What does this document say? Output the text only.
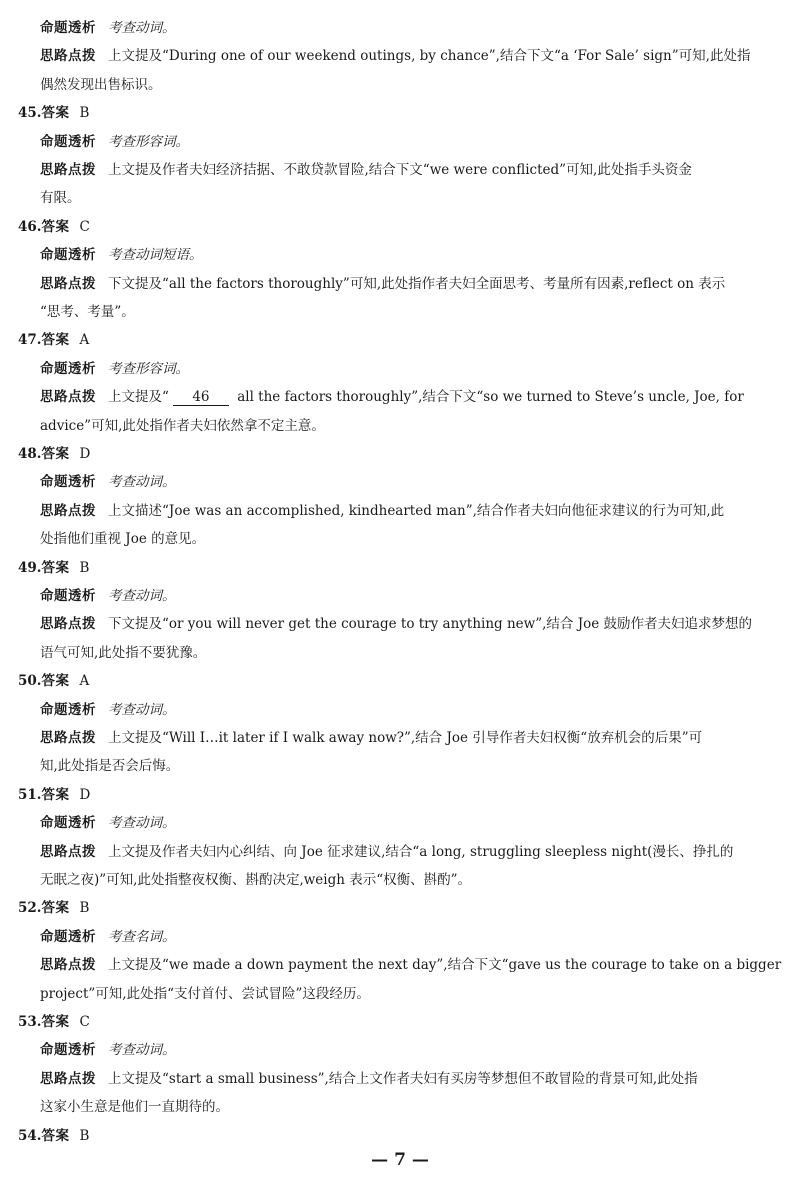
命题透析 考查动词。
思路点拨 上文提及“During one of our weekend outings, by chance”,结合下文“a ‘For Sale’ sign”可知,此处指
偶然发现出售标识。
45.答案 B
命题透析 考查形容词。
思路点拨 上文提及作者夫妇经济拮据、不敢贷款冒险,结合下文“we were conflicted”可知,此处指手头资金
有限。
46.答案 C
命题透析 考查动词短语。
思路点拨 下文提及“all the factors thoroughly”可知,此处指作者夫妇全面思考、考量所有因素,reflect on 表示
“思考、考量”。
47.答案 A
命题透析 考查形容词。
思路点拨 上文提及“ 46 all the factors thoroughly”,结合下文“so we turned to Steve’s uncle, Joe, for
advice”可知,此处指作者夫妇依然拿不定主意。
48.答案 D
命题透析 考查动词。
思路点拨 上文描述“Joe was an accomplished, kindhearted man”,结合作者夫妇向他征求建议的行为可知,此
处指他们重视 Joe 的意见。
49.答案 B
命题透析 考查动词。
思路点拨 下文提及“or you will never get the courage to try anything new”,结合 Joe 鼓励作者夫妇追求梦想的
语气可知,此处指不要犹豫。
50.答案 A
命题透析 考查动词。
思路点拨 上文提及“Will I…it later if I walk away now?”,结合 Joe 引导作者夫妇权衡“放弃机会的后果”可
知,此处指是否会后悔。
51.答案 D
命题透析 考查动词。
思路点拨 上文提及作者夫妇内心纠结、向 Joe 征求建议,结合“a long, struggling sleepless night(漫长、挣扎的
无眠之夜)”可知,此处指整夜权衡、斟酌决定,weigh 表示“权衡、斟酌”。
52.答案 B
命题透析 考查名词。
思路点拨 上文提及“we made a down payment the next day”,结合下文“gave us the courage to take on a bigger
project”可知,此处指“支付首付、尝试冒险”这段经历。
53.答案 C
命题透析 考查动词。
思路点拨 上文提及“start a small business”,结合上文作者夫妇有买房等梦想但不敢冒险的背景可知,此处指
这家小生意是他们一直期待的。
54.答案 B
— 7 —
